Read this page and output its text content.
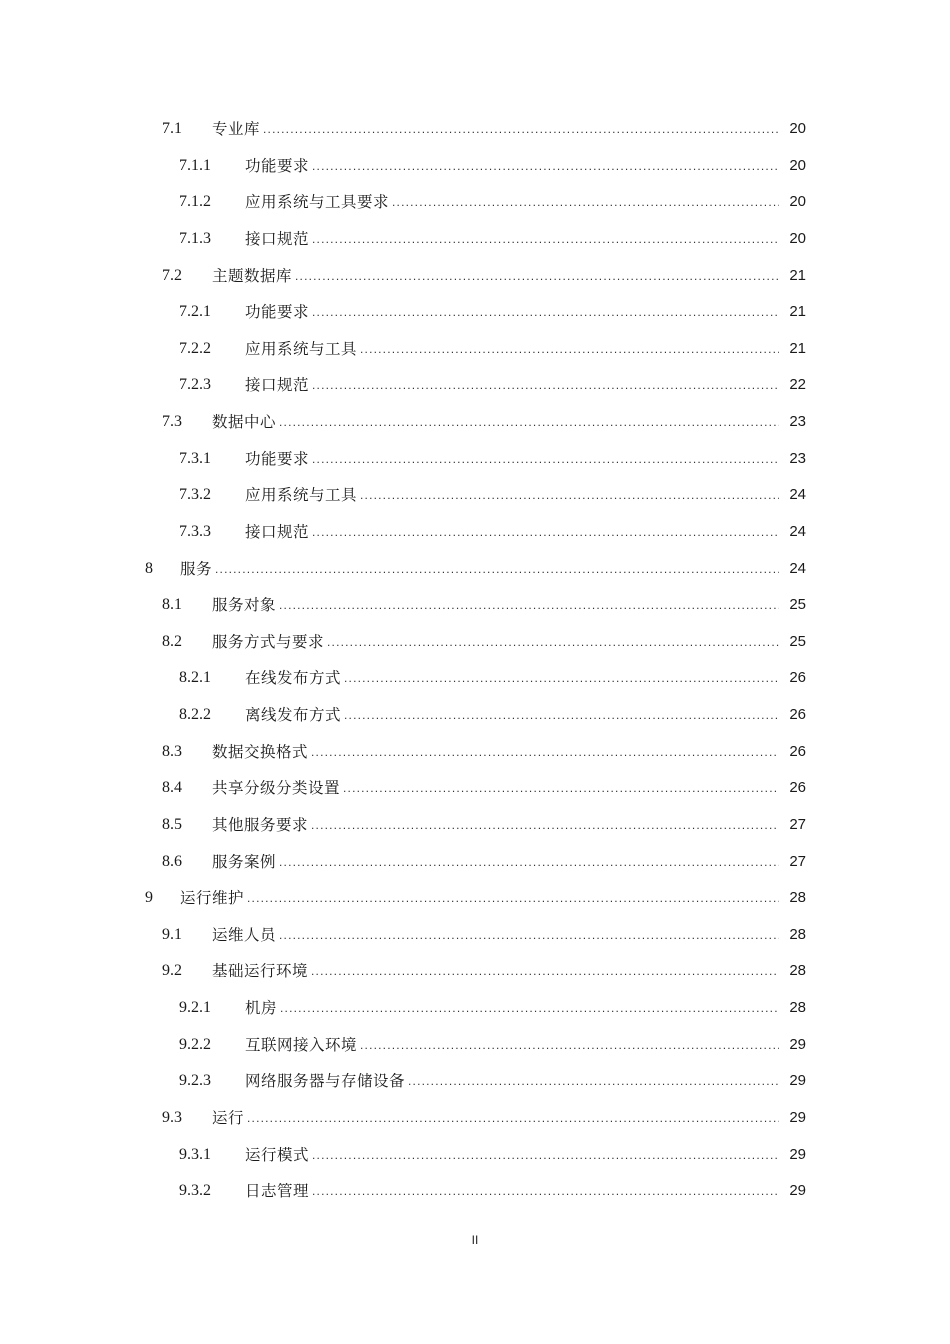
7.1 专业库 .....	20
7.1.1 功能要求 .....	20
7.1.2 应用系统与工具要求 .....	20
7.1.3 接口规范 .....	20
7.2 主题数据库 .....	21
7.2.1 功能要求 .....	21
7.2.2 应用系统与工具 .....	21
7.2.3 接口规范 .....	22
7.3 数据中心 .....	23
7.3.1 功能要求 .....	23
7.3.2 应用系统与工具 .....	24
7.3.3 接口规范 .....	24
8 服务 .....	24
8.1 服务对象 .....	25
8.2 服务方式与要求 .....	25
8.2.1 在线发布方式 .....	26
8.2.2 离线发布方式 .....	26
8.3 数据交换格式 .....	26
8.4 共享分级分类设置 .....	26
8.5 其他服务要求 .....	27
8.6 服务案例 .....	27
9 运行维护 .....	28
9.1 运维人员 .....	28
9.2 基础运行环境 .....	28
9.2.1 机房 .....	28
9.2.2 互联网接入环境 .....	29
9.2.3 网络服务器与存储设备 .....	29
9.3 运行 .....	29
9.3.1 运行模式 .....	29
9.3.2 日志管理 .....	29
II
